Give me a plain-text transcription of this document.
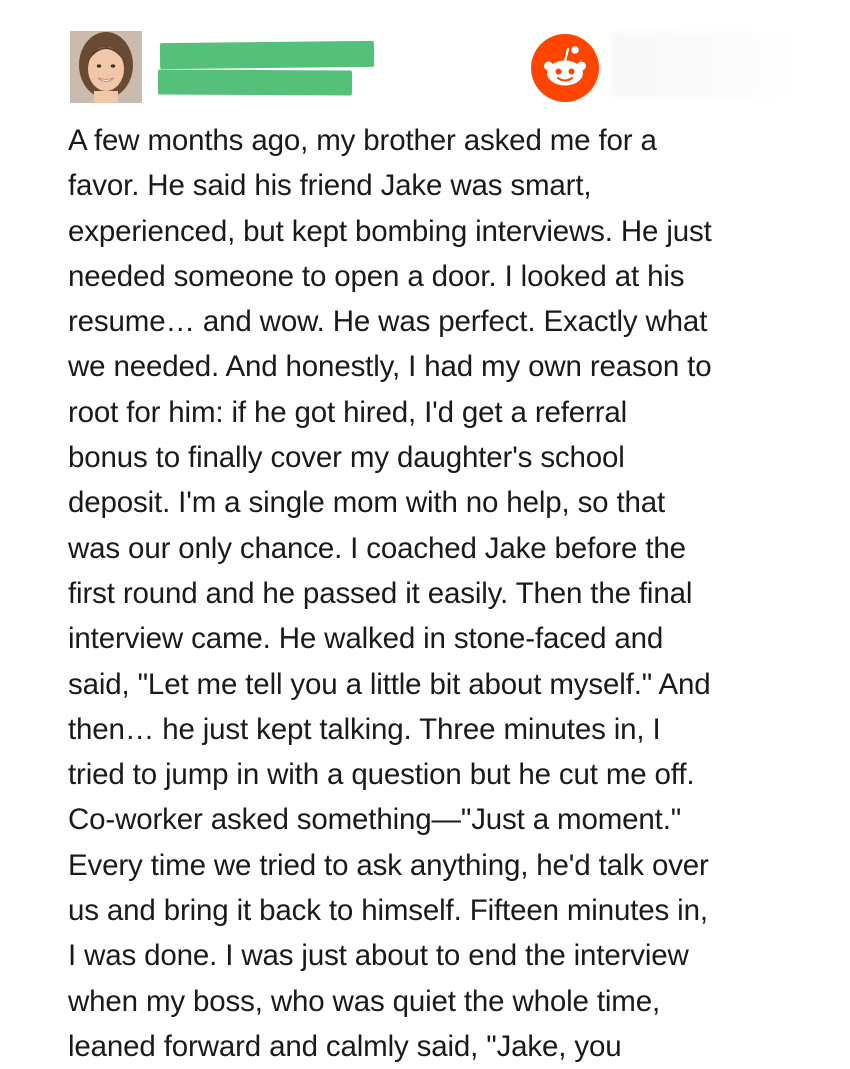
A few months ago, my brother asked me for a
favor. He said his friend Jake was smart,
experienced, but kept bombing interviews. He just
needed someone to open a door. I looked at his
resume… and wow. He was perfect. Exactly what
we needed. And honestly, I had my own reason to
root for him: if he got hired, I'd get a referral
bonus to finally cover my daughter's school
deposit. I'm a single mom with no help, so that
was our only chance. I coached Jake before the
first round and he passed it easily. Then the final
interview came. He walked in stone-faced and
said, "Let me tell you a little bit about myself." And
then… he just kept talking. Three minutes in, I
tried to jump in with a question but he cut me off.
Co-worker asked something—"Just a moment."
Every time we tried to ask anything, he'd talk over
us and bring it back to himself. Fifteen minutes in,
I was done. I was just about to end the interview
when my boss, who was quiet the whole time,
leaned forward and calmly said, "Jake, you
